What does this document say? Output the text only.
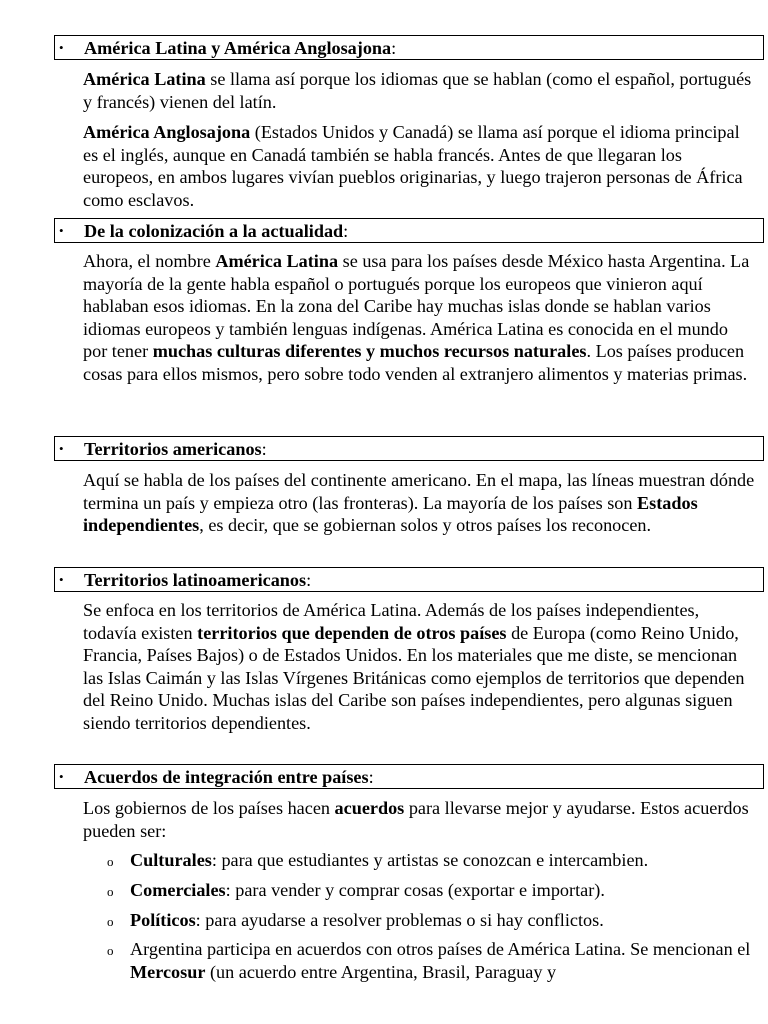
• América Latina y América Anglosajona:

América Latina se llama así porque los idiomas que se hablan (como el español, portugués y francés) vienen del latín.

América Anglosajona (Estados Unidos y Canadá) se llama así porque el idioma principal es el inglés, aunque en Canadá también se habla francés. Antes de que llegaran los europeos, en ambos lugares vivían pueblos originarias, y luego trajeron personas de África como esclavos.

• De la colonización a la actualidad:

Ahora, el nombre América Latina se usa para los países desde México hasta Argentina. La mayoría de la gente habla español o portugués porque los europeos que vinieron aquí hablaban esos idiomas. En la zona del Caribe hay muchas islas donde se hablan varios idiomas europeos y también lenguas indígenas. América Latina es conocida en el mundo por tener muchas culturas diferentes y muchos recursos naturales. Los países producen cosas para ellos mismos, pero sobre todo venden al extranjero alimentos y materias primas.

• Territorios americanos:

Aquí se habla de los países del continente americano. En el mapa, las líneas muestran dónde termina un país y empieza otro (las fronteras). La mayoría de los países son Estados independientes, es decir, que se gobiernan solos y otros países los reconocen.

• Territorios latinoamericanos:

Se enfoca en los territorios de América Latina. Además de los países independientes, todavía existen territorios que dependen de otros países de Europa (como Reino Unido, Francia, Países Bajos) o de Estados Unidos. En los materiales que me diste, se mencionan las Islas Caimán y las Islas Vírgenes Británicas como ejemplos de territorios que dependen del Reino Unido. Muchas islas del Caribe son países independientes, pero algunas siguen siendo territorios dependientes.

• Acuerdos de integración entre países:

Los gobiernos de los países hacen acuerdos para llevarse mejor y ayudarse. Estos acuerdos pueden ser:

o Culturales: para que estudiantes y artistas se conozcan e intercambien.

o Comerciales: para vender y comprar cosas (exportar e importar).

o Políticos: para ayudarse a resolver problemas o si hay conflictos.

o Argentina participa en acuerdos con otros países de América Latina. Se mencionan el Mercosur (un acuerdo entre Argentina, Brasil, Paraguay y
